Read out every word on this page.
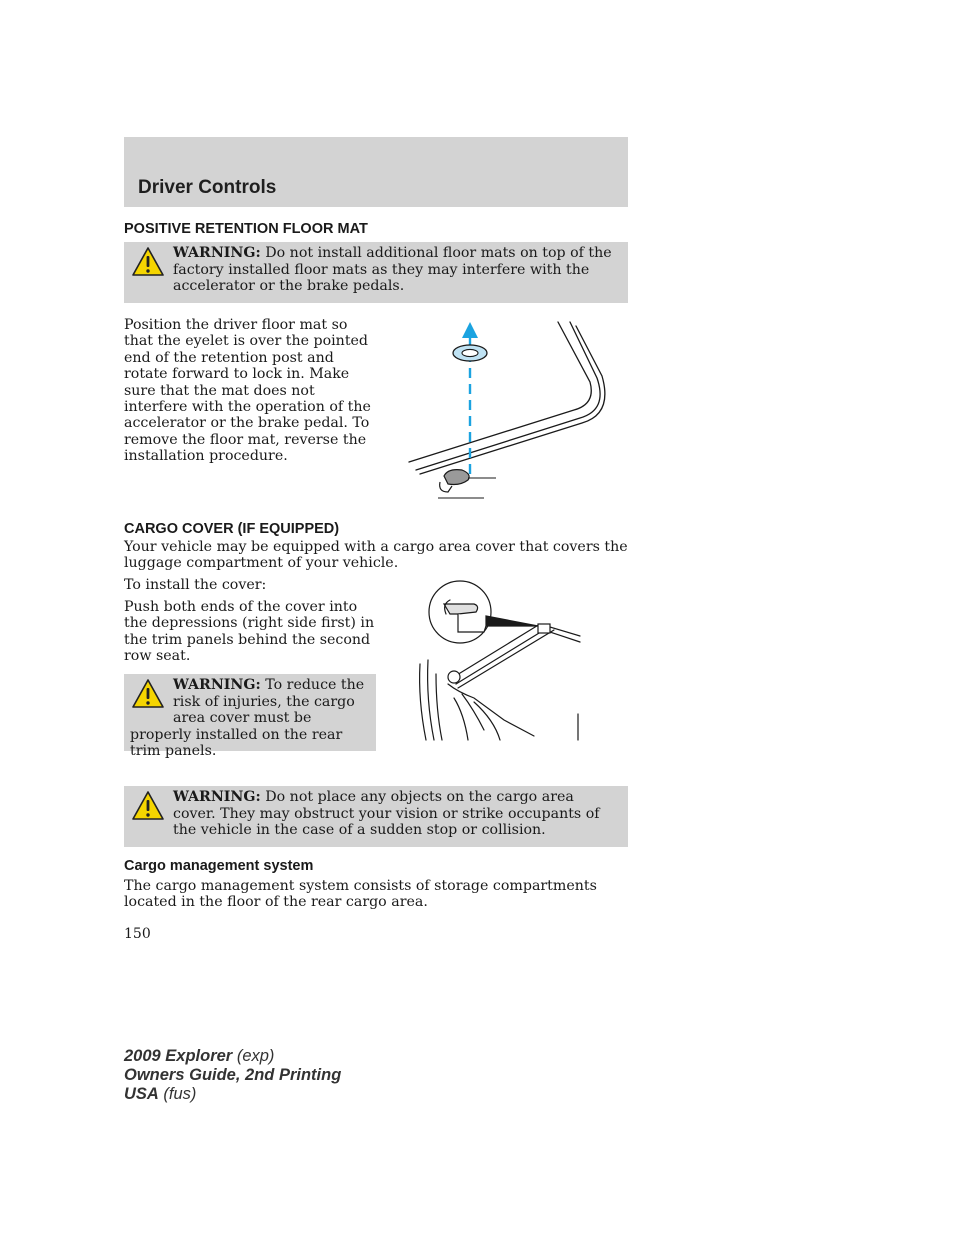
Driver Controls
POSITIVE RETENTION FLOOR MAT
WARNING: Do not install additional floor mats on top of the factory installed floor mats as they may interfere with the accelerator or the brake pedals.

Position the driver floor mat so that the eyelet is over the pointed end of the retention post and rotate forward to lock in. Make sure that the mat does not interfere with the operation of the accelerator or the brake pedal. To remove the floor mat, reverse the installation procedure.

CARGO COVER (IF EQUIPPED)

Your vehicle may be equipped with a cargo area cover that covers the luggage compartment of your vehicle.

To install the cover:

Push both ends of the cover into the depressions (right side first) in the trim panels behind the second row seat.

WARNING: To reduce the risk of injuries, the cargo area cover must be properly installed on the rear trim panels.
WARNING: Do not place any objects on the cargo area cover. They may obstruct your vision or strike occupants of the vehicle in the case of a sudden stop or collision.
Cargo management system

The cargo management system consists of storage compartments located in the floor of the rear cargo area.

150
2009 Explorer (exp)
Owners Guide, 2nd Printing
USA (fus)
